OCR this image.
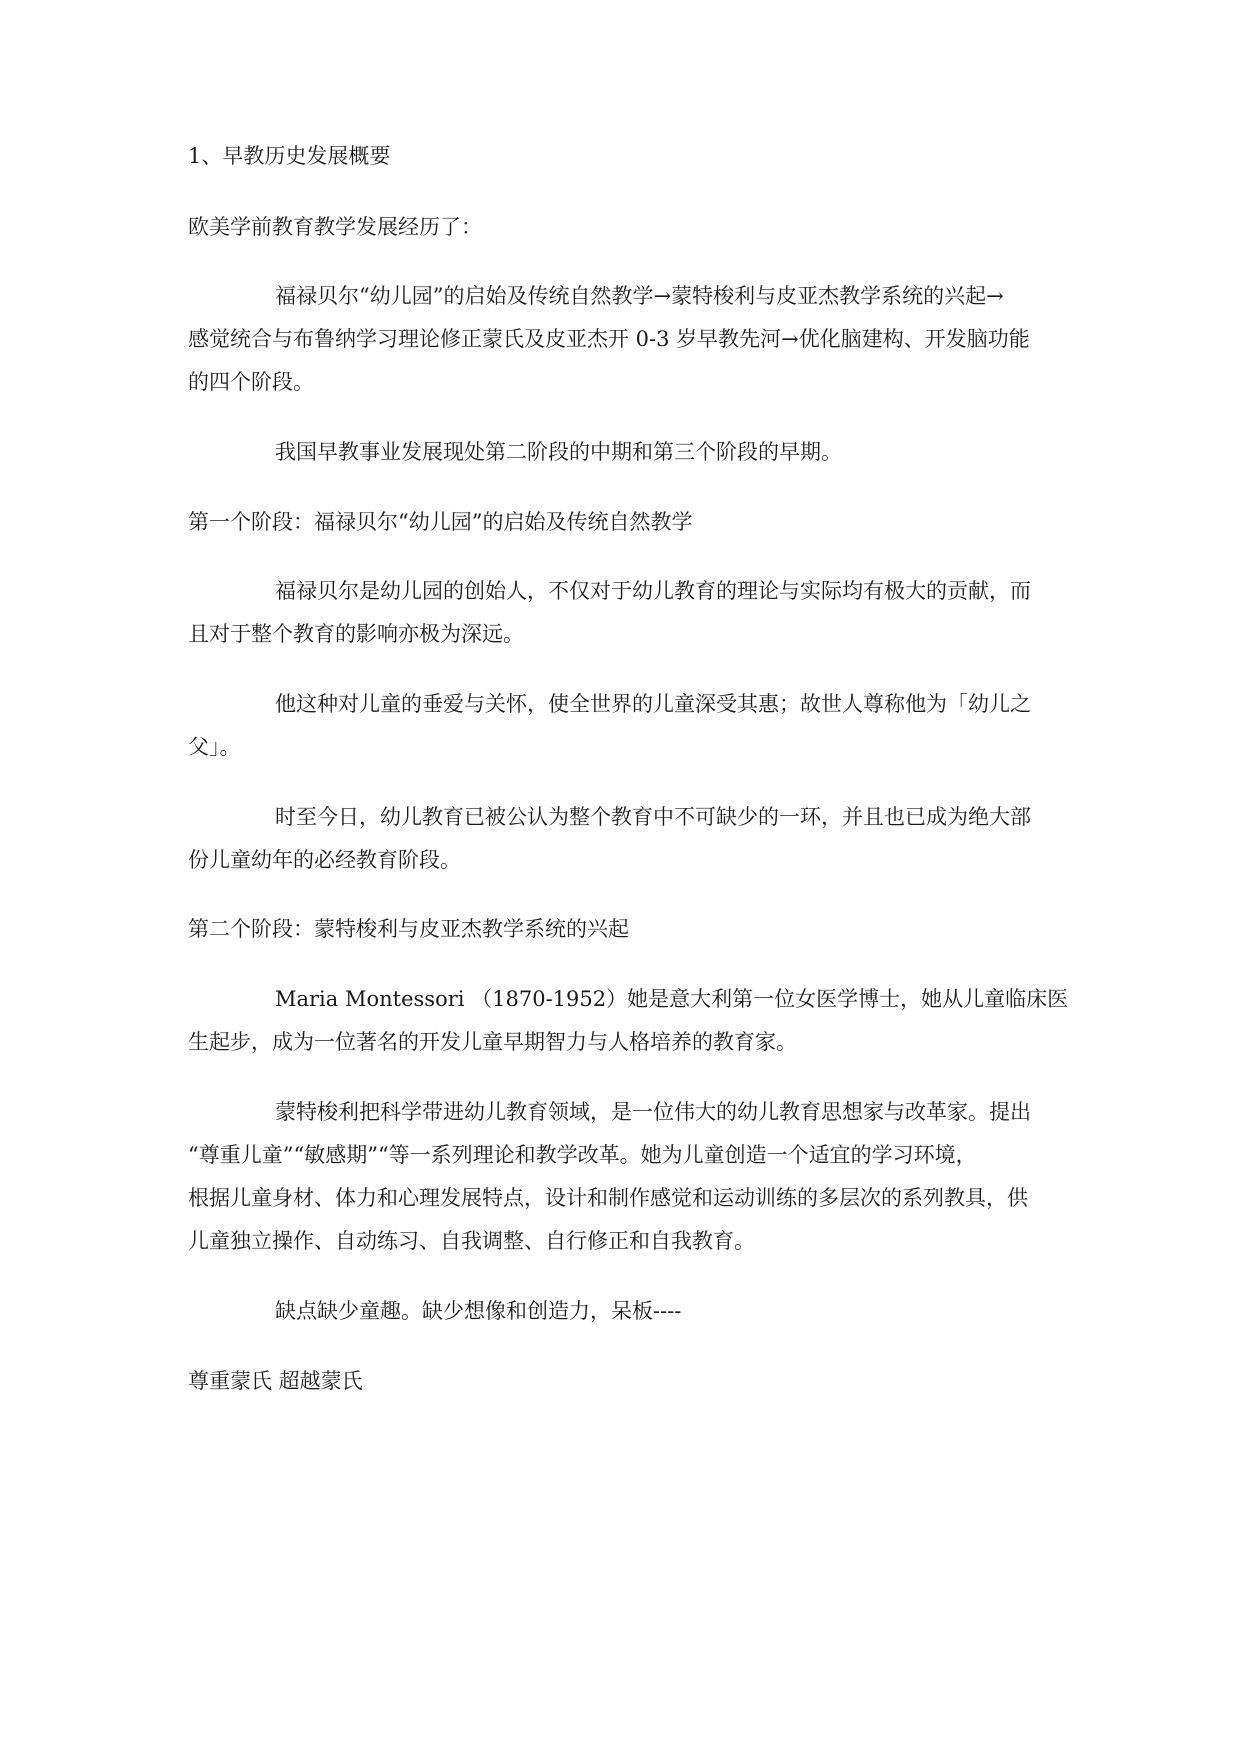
1、早教历史发展概要

欧美学前教育教学发展经历了：

福禄贝尔“幼儿园”的启始及传统自然教学→蒙特梭利与皮亚杰教学系统的兴起→

感觉统合与布鲁纳学习理论修正蒙氏及皮亚杰开 0-3 岁早教先河→优化脑建构、开发脑功能

的四个阶段。

我国早教事业发展现处第二阶段的中期和第三个阶段的早期。

第一个阶段：福禄贝尔“幼儿园”的启始及传统自然教学

福禄贝尔是幼儿园的创始人，不仅对于幼儿教育的理论与实际均有极大的贡献，而

且对于整个教育的影响亦极为深远。

他这种对儿童的垂爱与关怀，使全世界的儿童深受其惠；故世人尊称他为「幼儿之

父」。

时至今日，幼儿教育已被公认为整个教育中不可缺少的一环，并且也已成为绝大部

份儿童幼年的必经教育阶段。

第二个阶段：蒙特梭利与皮亚杰教学系统的兴起

Maria Montessori （1870-1952）她是意大利第一位女医学博士，她从儿童临床医

生起步，成为一位著名的开发儿童早期智力与人格培养的教育家。

蒙特梭利把科学带进幼儿教育领域，是一位伟大的幼儿教育思想家与改革家。提出

“尊重儿童”“敏感期”“等一系列理论和教学改革。她为儿童创造一个适宜的学习环境，

根据儿童身材、体力和心理发展特点，设计和制作感觉和运动训练的多层次的系列教具，供

儿童独立操作、自动练习、自我调整、自行修正和自我教育。

缺点缺少童趣。缺少想像和创造力，呆板----

尊重蒙氏 超越蒙氏
